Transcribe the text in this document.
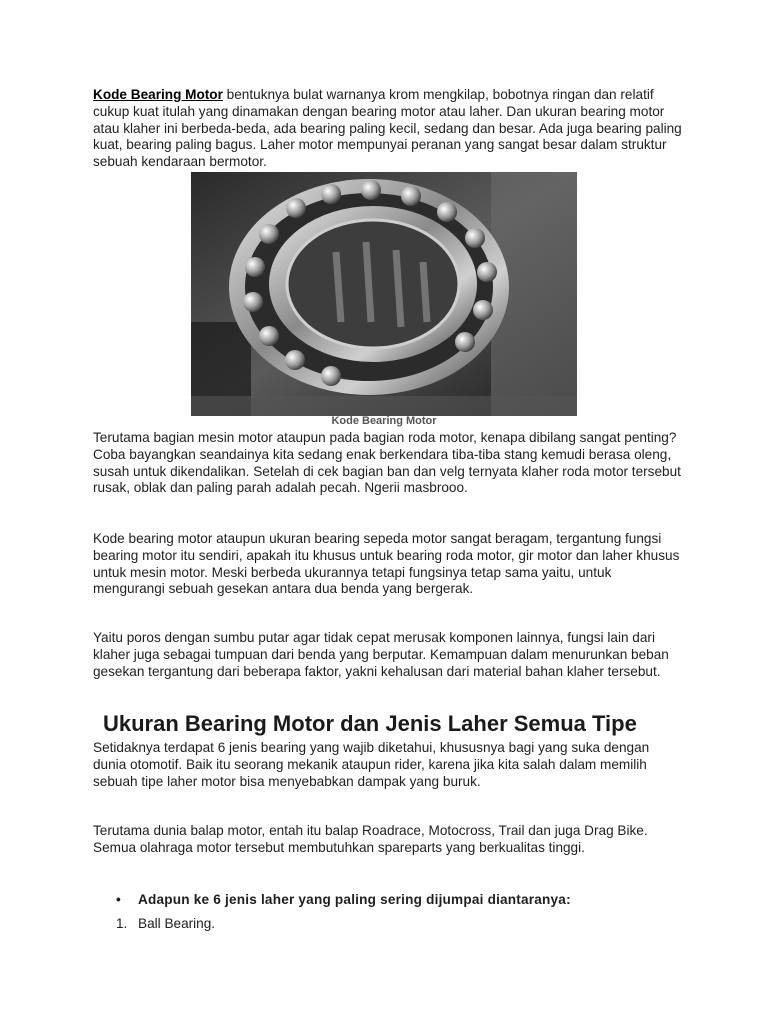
Kode Bearing Motor bentuknya bulat warnanya krom mengkilap, bobotnya ringan dan relatif cukup kuat itulah yang dinamakan dengan bearing motor atau laher. Dan ukuran bearing motor atau klaher ini berbeda-beda, ada bearing paling kecil, sedang dan besar. Ada juga bearing paling kuat, bearing paling bagus. Laher motor mempunyai peranan yang sangat besar dalam struktur sebuah kendaraan bermotor.

Kode Bearing Motor

Terutama bagian mesin motor ataupun pada bagian roda motor, kenapa dibilang sangat penting? Coba bayangkan seandainya kita sedang enak berkendara tiba-tiba stang kemudi berasa oleng, susah untuk dikendalikan. Setelah di cek bagian ban dan velg ternyata klaher roda motor tersebut rusak, oblak dan paling parah adalah pecah. Ngerii masbrooo.

Kode bearing motor ataupun ukuran bearing sepeda motor sangat beragam, tergantung fungsi bearing motor itu sendiri, apakah itu khusus untuk bearing roda motor, gir motor dan laher khusus untuk mesin motor. Meski berbeda ukurannya tetapi fungsinya tetap sama yaitu, untuk mengurangi sebuah gesekan antara dua benda yang bergerak.

Yaitu poros dengan sumbu putar agar tidak cepat merusak komponen lainnya, fungsi lain dari klaher juga sebagai tumpuan dari benda yang berputar. Kemampuan dalam menurunkan beban gesekan tergantung dari beberapa faktor, yakni kehalusan dari material bahan klaher tersebut.

Ukuran Bearing Motor dan Jenis Laher Semua Tipe

Setidaknya terdapat 6 jenis bearing yang wajib diketahui, khususnya bagi yang suka dengan dunia otomotif. Baik itu seorang mekanik ataupun rider, karena jika kita salah dalam memilih sebuah tipe laher motor bisa menyebabkan dampak yang buruk.

Terutama dunia balap motor, entah itu balap Roadrace, Motocross, Trail dan juga Drag Bike. Semua olahraga motor tersebut membutuhkan spareparts yang berkualitas tinggi.

• Adapun ke 6 jenis laher yang paling sering dijumpai diantaranya:
1. Ball Bearing.
